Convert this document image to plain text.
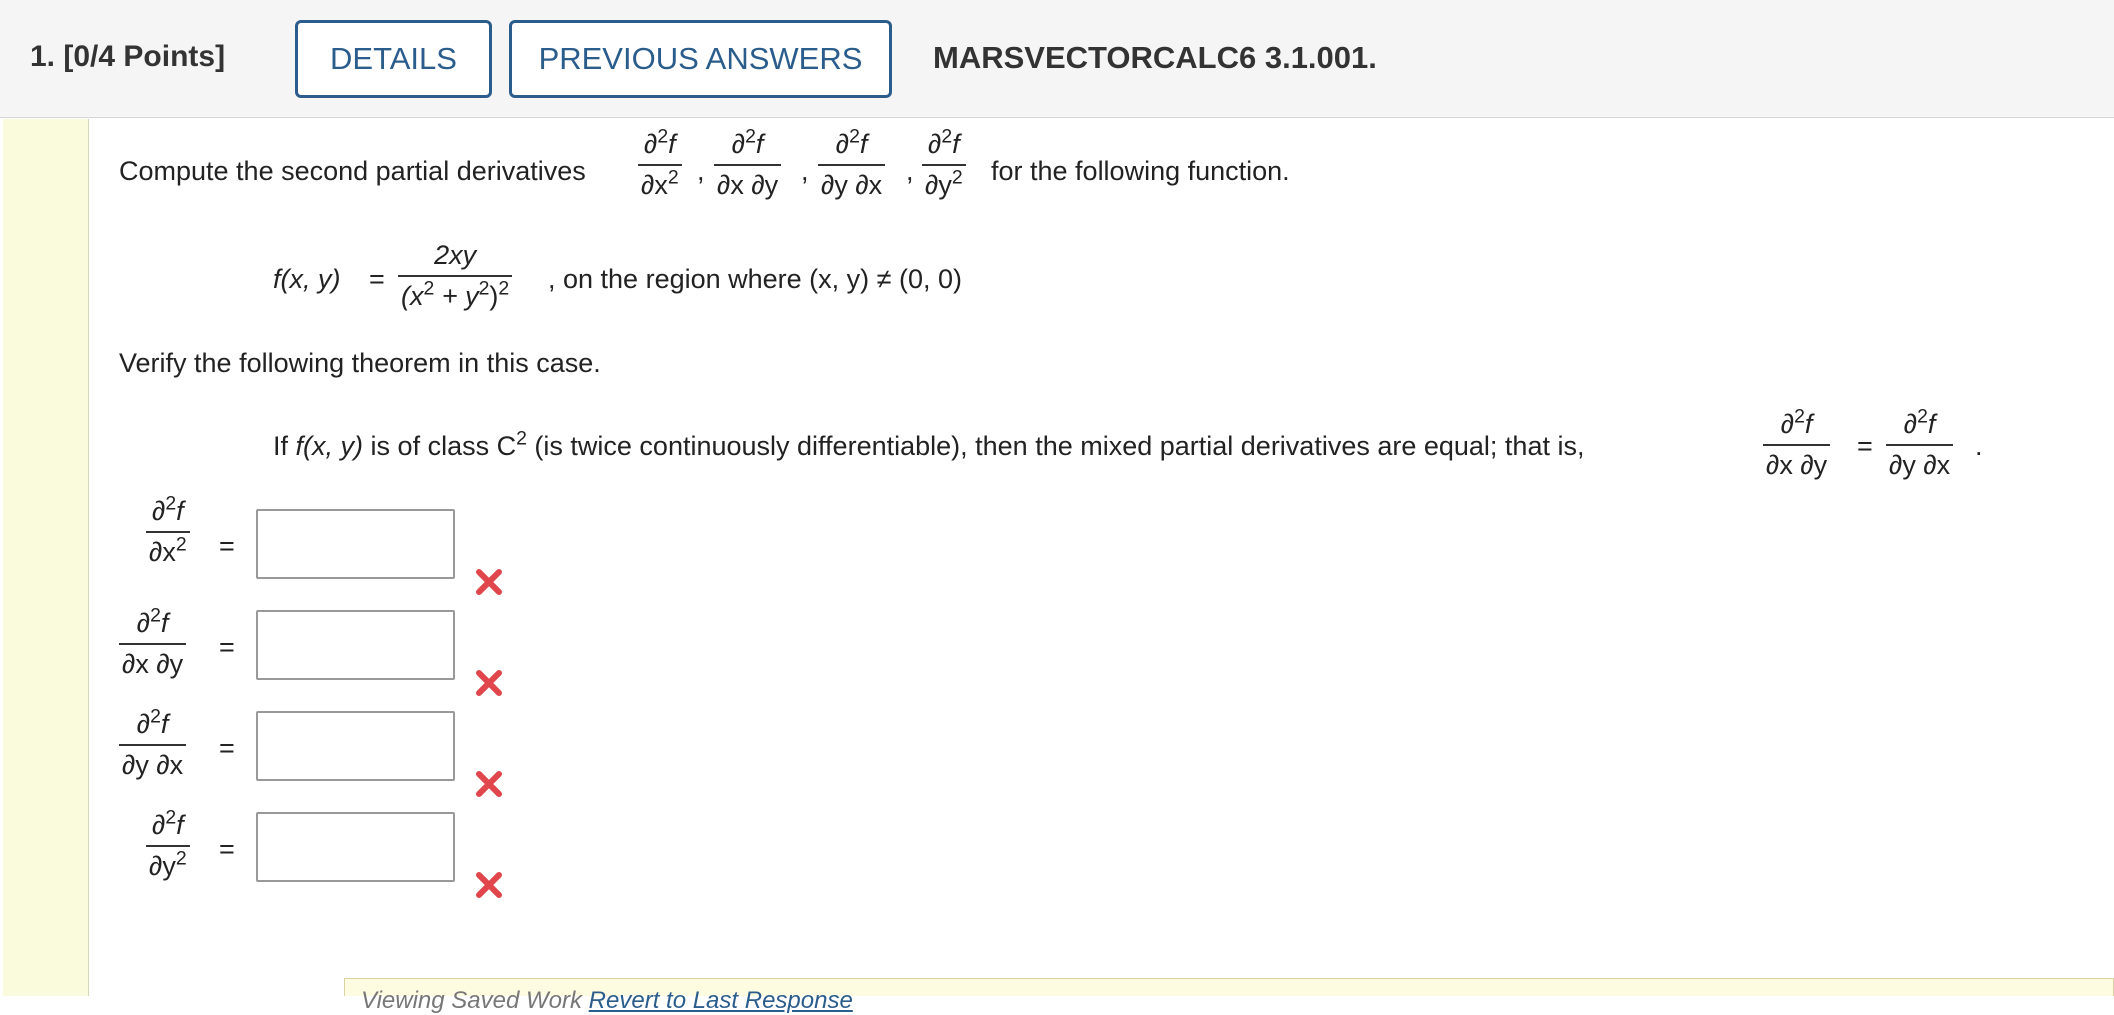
1. [0/4 Points]	DETAILS	PREVIOUS ANSWERS	MARSVECTORCALC6 3.1.001.
Compute the second partial derivatives
∂$^2$f
$\partial x^2$ ,
∂$^2$f
∂x ∂y ,
∂$^2$f
∂y ∂x ,
∂$^2$f
$\partial y^2$ for the following function.
f(x, y) =
2xy
$(x^2 + y^2)^2$ , on the region where (x, y) ≠ (0, 0)
Verify the following theorem in this case.
If f(x, y) is of class $C^2$ (is twice continuously differentiable), then the mixed partial derivatives are equal; that is,
∂$^2$f
∂x ∂y
=
∂$^2$f
∂y ∂x
.
∂$^2$f
$\partial x^2$ =
∂$^2$f
∂x ∂y
=
∂$^2$f
∂y ∂x
=
∂$^2$f
$\partial y^2$ =
Viewing Saved Work Revert to Last Response
